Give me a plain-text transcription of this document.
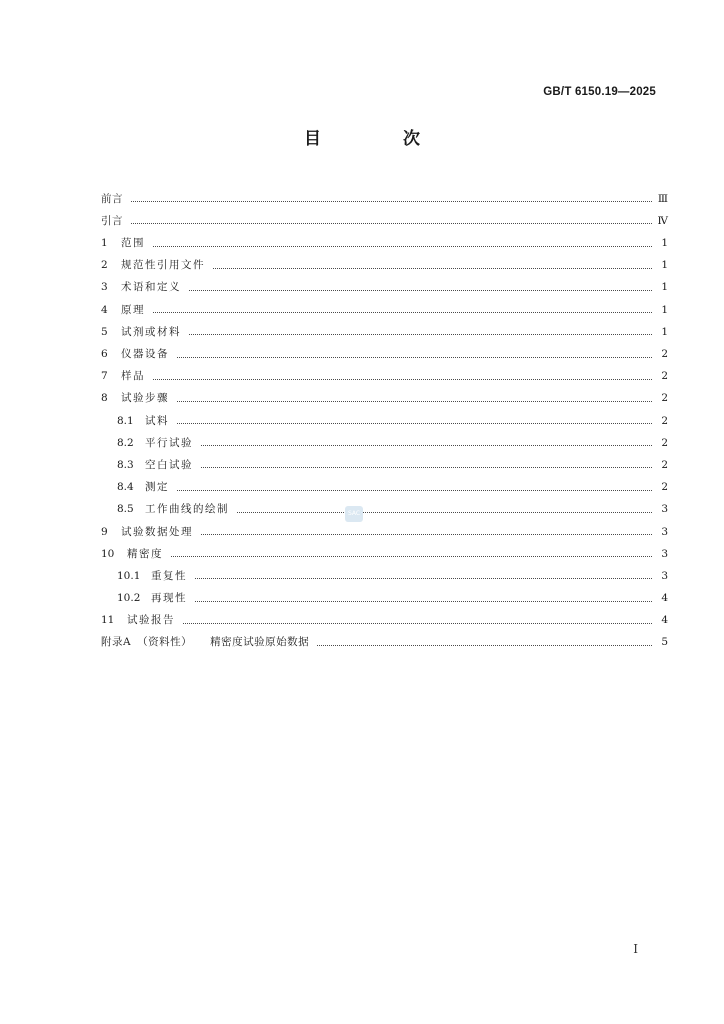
GB/T 6150.19—2025
目 次
前言	Ⅲ
引言	Ⅳ
1	范围	1
2	规范性引用文件	1
3	术语和定义	1
4	原理	1
5	试剂或材料	1
6	仪器设备	2
7	样品	2
8	试验步骤	2
8.1	试料	2
8.2	平行试验	2
8.3	空白试验	2
8.4	测定	2
8.5	工作曲线的绘制	3
9	试验数据处理	3
10	精密度	3
10.1	重复性	3
10.2	再现性	4
11	试验报告	4
附录A （资料性） 精密度试验原始数据	5
SAC
Ⅰ
